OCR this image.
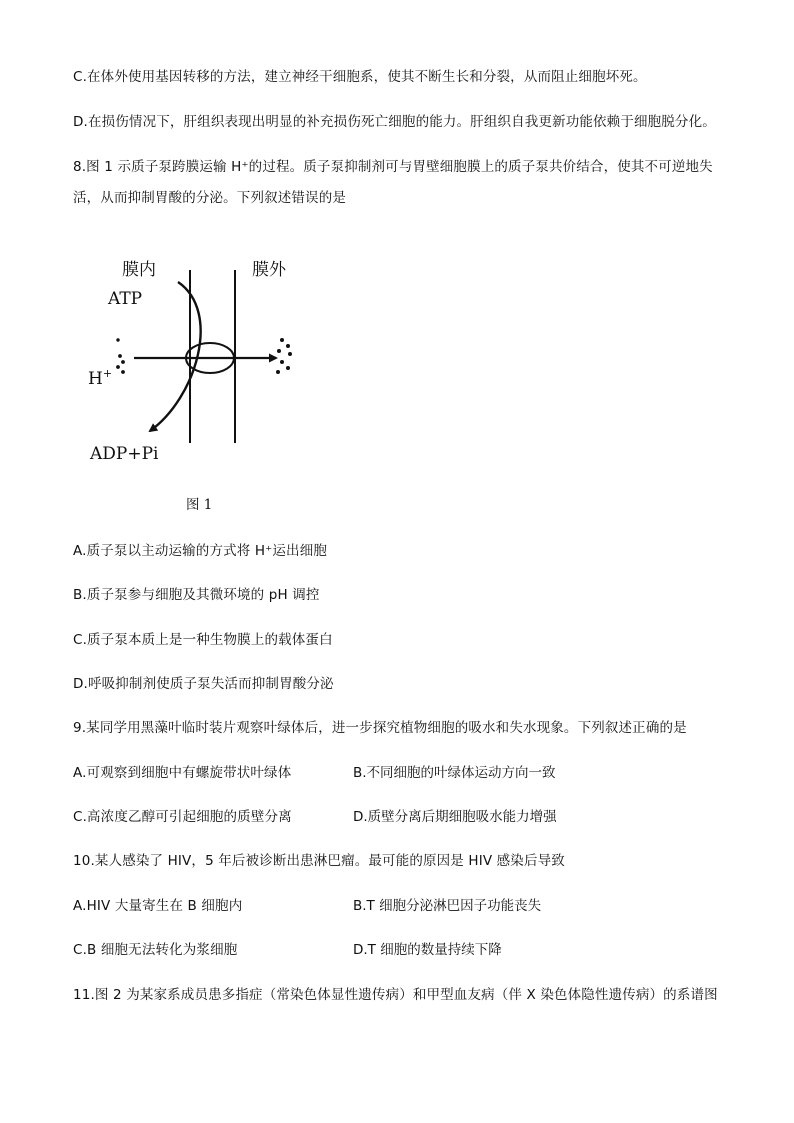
C.在体外使用基因转移的方法，建立神经干细胞系，使其不断生长和分裂，从而阻止细胞坏死。
D.在损伤情况下，肝组织表现出明显的补充损伤死亡细胞的能力。肝组织自我更新功能依赖于细胞脱分化。
8.图 1 示质子泵跨膜运输 H⁺的过程。质子泵抑制剂可与胃壁细胞膜上的质子泵共价结合，使其不可逆地失
活，从而抑制胃酸的分泌。下列叙述错误的是
膜内	膜外
ATP
H+
ADP+Pi
图 1
A.质子泵以主动运输的方式将 H⁺运出细胞
B.质子泵参与细胞及其微环境的 pH 调控
C.质子泵本质上是一种生物膜上的载体蛋白
D.呼吸抑制剂使质子泵失活而抑制胃酸分泌
9.某同学用黑藻叶临时装片观察叶绿体后，进一步探究植物细胞的吸水和失水现象。下列叙述正确的是
A.可观察到细胞中有螺旋带状叶绿体	B.不同细胞的叶绿体运动方向一致
C.高浓度乙醇可引起细胞的质壁分离	D.质壁分离后期细胞吸水能力增强
10.某人感染了 HIV，5 年后被诊断出患淋巴瘤。最可能的原因是 HIV 感染后导致
A.HIV 大量寄生在 B 细胞内	B.T 细胞分泌淋巴因子功能丧失
C.B 细胞无法转化为浆细胞	D.T 细胞的数量持续下降
11.图 2 为某家系成员患多指症（常染色体显性遗传病）和甲型血友病（伴 X 染色体隐性遗传病）的系谱图
